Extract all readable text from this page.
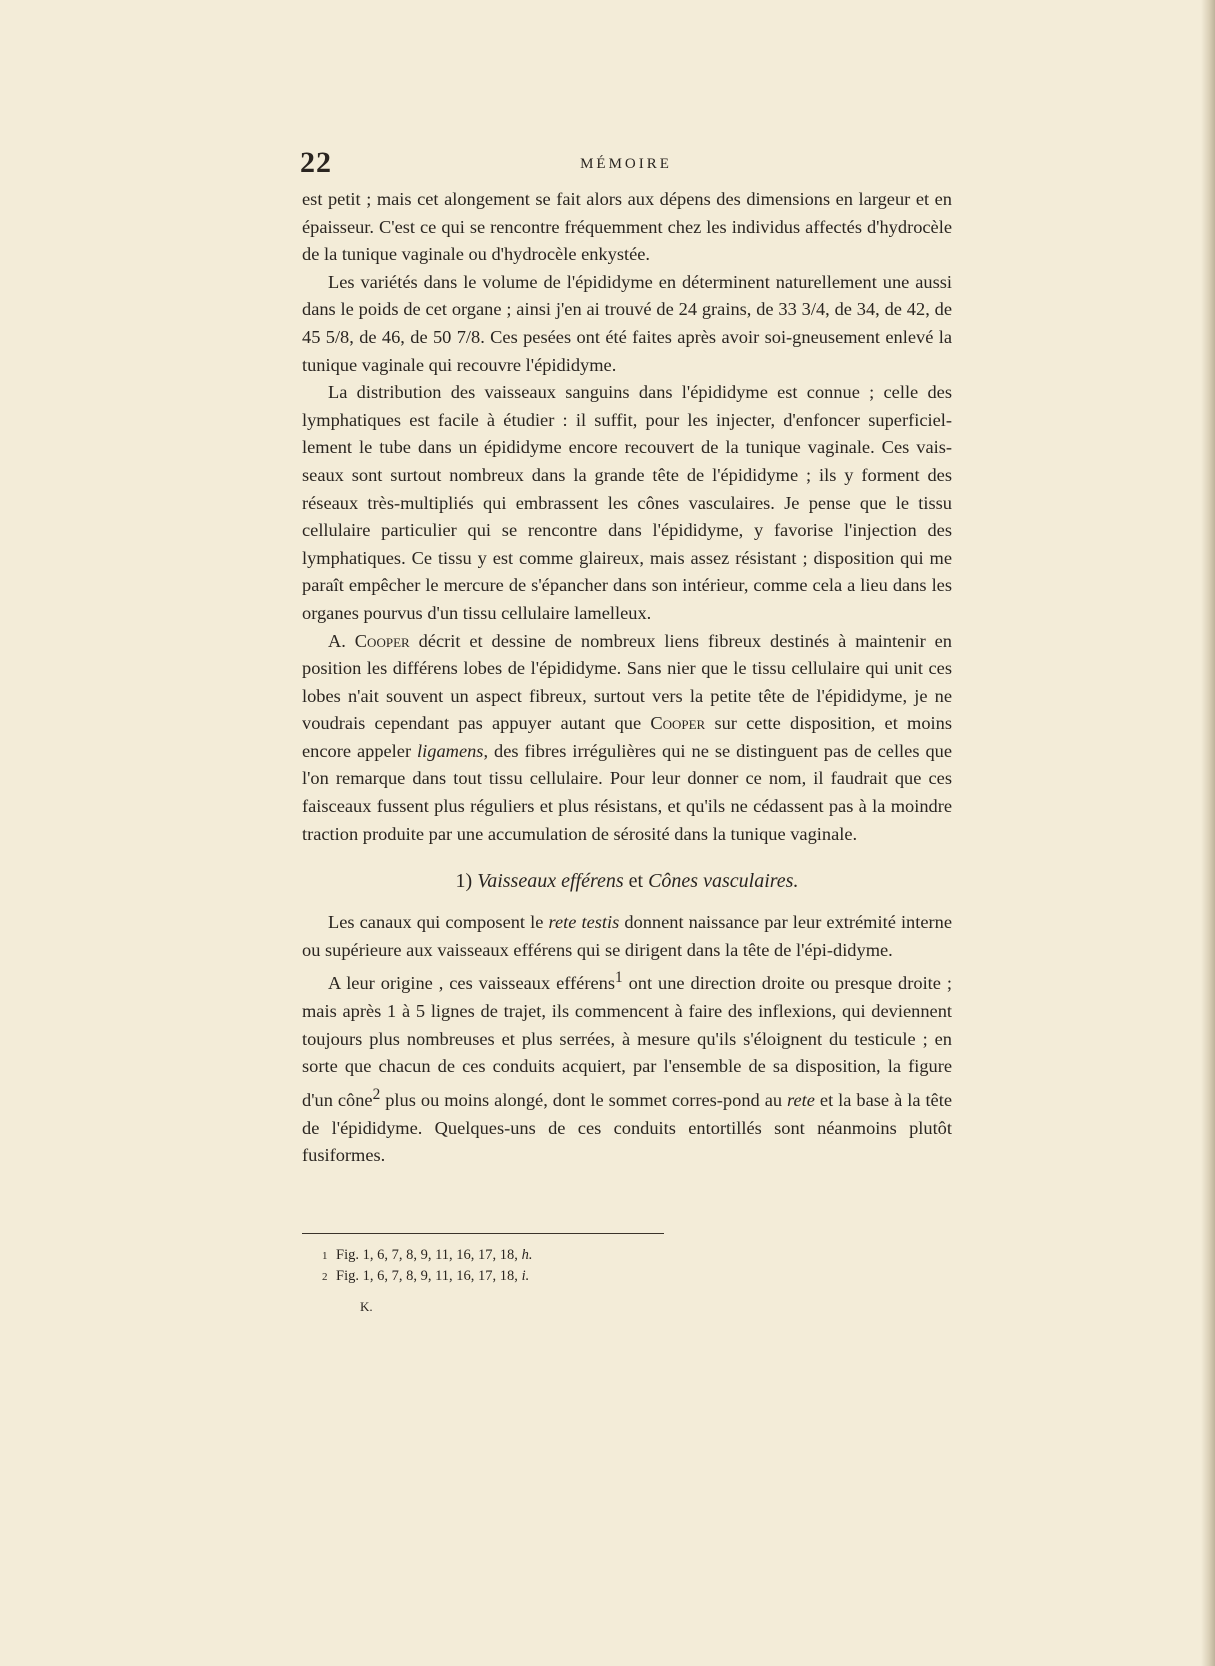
22	MÉMOIRE

est petit ; mais cet alongement se fait alors aux dépens des dimensions en largeur et en épaisseur. C'est ce qui se rencontre fréquemment chez les individus affectés d'hydrocèle de la tunique vaginale ou d'hydrocèle enkystée.

Les variétés dans le volume de l'épididyme en déterminent naturellement une aussi dans le poids de cet organe ; ainsi j'en ai trouvé de 24 grains, de 33 3/4, de 34, de 42, de 45 5/8, de 46, de 50 7/8. Ces pesées ont été faites après avoir soi-gneusement enlevé la tunique vaginale qui recouvre l'épididyme.

La distribution des vaisseaux sanguins dans l'épididyme est connue ; celle des lymphatiques est facile à étudier : il suffit, pour les injecter, d'enfoncer superficiel-lement le tube dans un épididyme encore recouvert de la tunique vaginale. Ces vais-seaux sont surtout nombreux dans la grande tête de l'épididyme ; ils y forment des réseaux très-multipliés qui embrassent les cônes vasculaires. Je pense que le tissu cellulaire particulier qui se rencontre dans l'épididyme, y favorise l'injection des lymphatiques. Ce tissu y est comme glaireux, mais assez résistant ; disposition qui me paraît empêcher le mercure de s'épancher dans son intérieur, comme cela a lieu dans les organes pourvus d'un tissu cellulaire lamelleux.

A. Cooper décrit et dessine de nombreux liens fibreux destinés à maintenir en position les différens lobes de l'épididyme. Sans nier que le tissu cellulaire qui unit ces lobes n'ait souvent un aspect fibreux, surtout vers la petite tête de l'épididyme, je ne voudrais cependant pas appuyer autant que Cooper sur cette disposition, et moins encore appeler ligamens, des fibres irrégulières qui ne se distinguent pas de celles que l'on remarque dans tout tissu cellulaire. Pour leur donner ce nom, il faudrait que ces faisceaux fussent plus réguliers et plus résistans, et qu'ils ne cédassent pas à la moindre traction produite par une accumulation de sérosité dans la tunique vaginale.

1) Vaisseaux efférens et Cônes vasculaires.

Les canaux qui composent le rete testis donnent naissance par leur extrémité interne ou supérieure aux vaisseaux efférens qui se dirigent dans la tête de l'épi-didyme.

A leur origine , ces vaisseaux efférens$^1$ ont une direction droite ou presque droite ; mais après 1 à 5 lignes de trajet, ils commencent à faire des inflexions, qui deviennent toujours plus nombreuses et plus serrées, à mesure qu'ils s'éloignent du testicule ; en sorte que chacun de ces conduits acquiert, par l'ensemble de sa disposition, la figure d'un cône$^2$ plus ou moins alongé, dont le sommet corres-pond au rete et la base à la tête de l'épididyme. Quelques-uns de ces conduits entortillés sont néanmoins plutôt fusiformes.

1 Fig. 1, 6, 7, 8, 9, 11, 16, 17, 18, h.

2 Fig. 1, 6, 7, 8, 9, 11, 16, 17, 18, i.

K.
